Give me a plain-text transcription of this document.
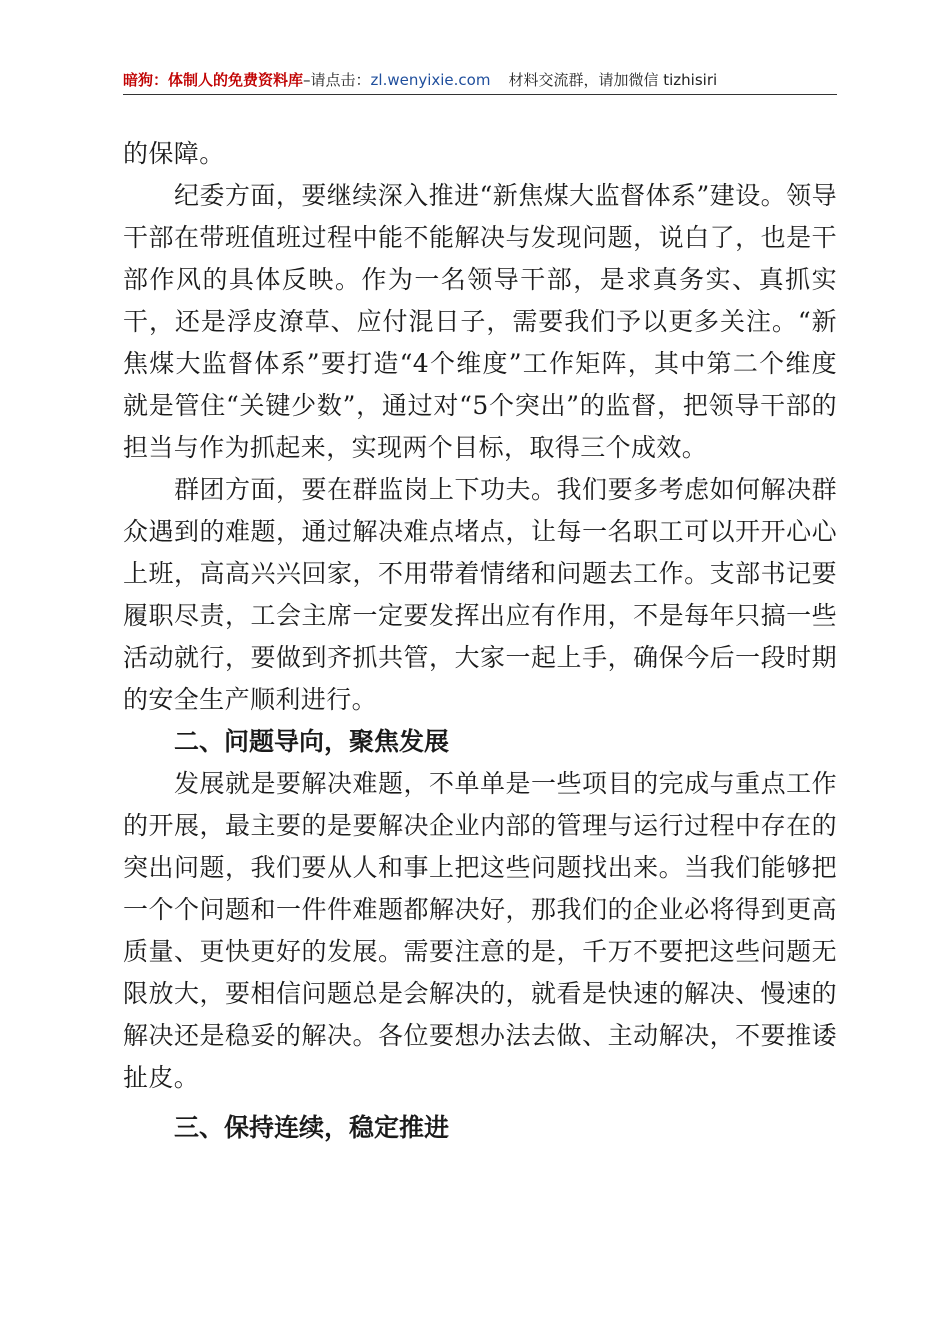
暗狗：体制人的免费资料库–请点击：zl.wenyixie.com 材料交流群，请加微信 tizhisiri

的保障。

纪委方面，要继续深入推进“新焦煤大监督体系”建设。领导干部在带班值班过程中能不能解决与发现问题，说白了，也是干部作风的具体反映。作为一名领导干部，是求真务实、真抓实干，还是浮皮潦草、应付混日子，需要我们予以更多关注。“新焦煤大监督体系”要打造“4个维度”工作矩阵，其中第二个维度就是管住“关键少数”，通过对“5个突出”的监督，把领导干部的担当与作为抓起来，实现两个目标，取得三个成效。

群团方面，要在群监岗上下功夫。我们要多考虑如何解决群众遇到的难题，通过解决难点堵点，让每一名职工可以开开心心上班，高高兴兴回家，不用带着情绪和问题去工作。支部书记要履职尽责，工会主席一定要发挥出应有作用，不是每年只搞一些活动就行，要做到齐抓共管，大家一起上手，确保今后一段时期的安全生产顺利进行。

二、问题导向，聚焦发展

发展就是要解决难题，不单单是一些项目的完成与重点工作的开展，最主要的是要解决企业内部的管理与运行过程中存在的突出问题，我们要从人和事上把这些问题找出来。当我们能够把一个个问题和一件件难题都解决好，那我们的企业必将得到更高质量、更快更好的发展。需要注意的是，千万不要把这些问题无限放大，要相信问题总是会解决的，就看是快速的解决、慢速的解决还是稳妥的解决。各位要想办法去做、主动解决，不要推诿扯皮。

三、保持连续，稳定推进
